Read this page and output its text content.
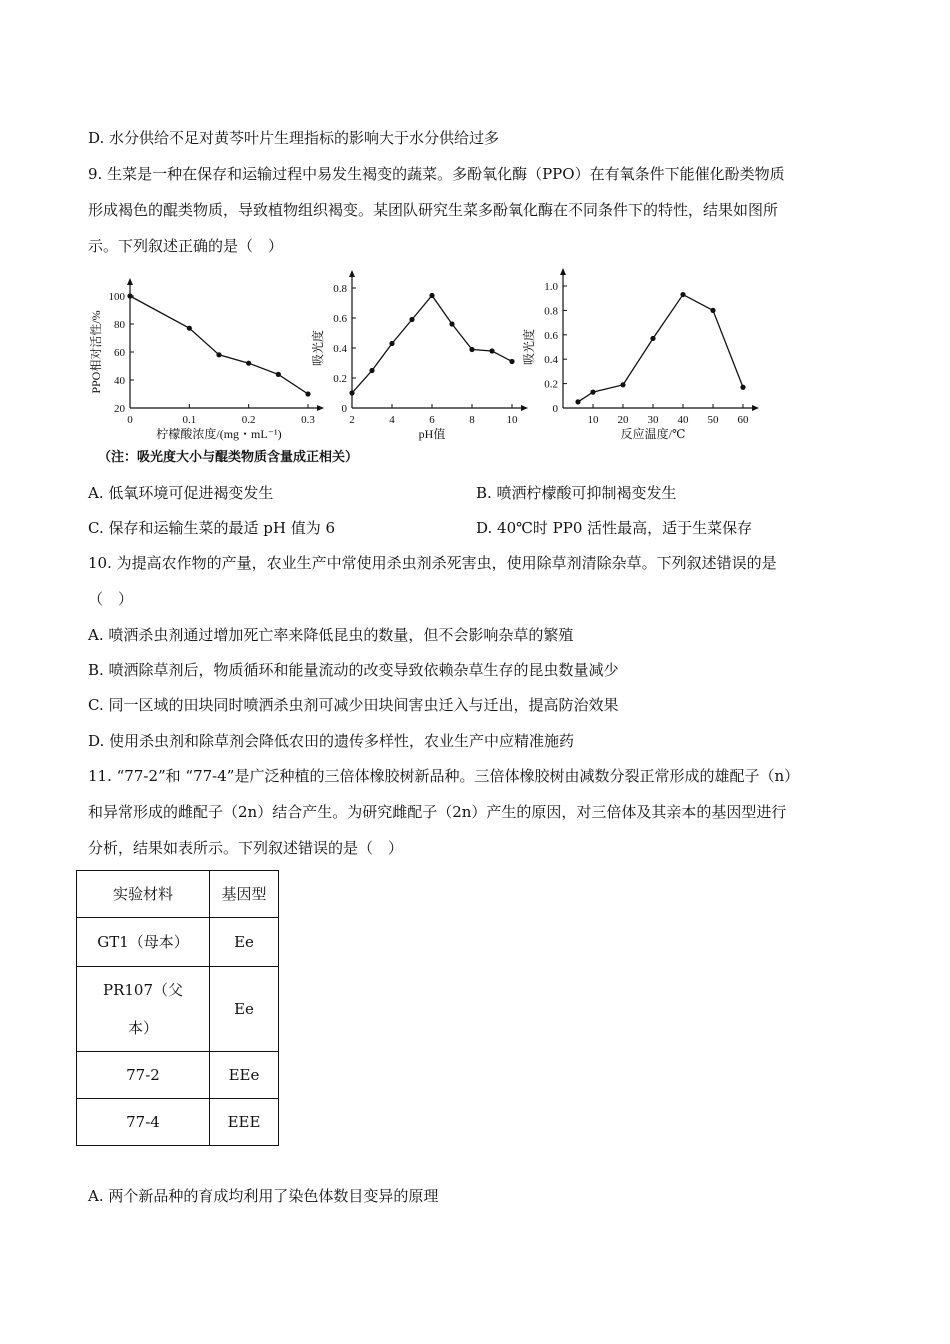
D. 水分供给不足对黄芩叶片生理指标的影响大于水分供给过多
9. 生菜是一种在保存和运输过程中易发生褐变的蔬菜。多酚氧化酶（PPO）在有氧条件下能催化酚类物质
形成褐色的醌类物质，导致植物组织褐变。某团队研究生菜多酚氧化酶在不同条件下的特性，结果如图所
示。下列叙述正确的是（　）
20
40
60
80
100
0	0.1	0.2	0.3
柠檬酸浓度/(mg・mL⁻¹)
PPO相对活性/%
0
0.2
0.4
0.6
0.8
2	4	6	8	10
pH值
吸光度
0
0.2
0.4
0.6
0.8
1.0
10 20 30 40 50 60
反应温度/℃
吸光度
（注：吸光度大小与醌类物质含量成正相关）
A. 低氧环境可促进褐变发生	B. 喷洒柠檬酸可抑制褐变发生
C. 保存和运输生菜的最适 pH 值为 6	D. 40℃时 PP0 活性最高，适于生菜保存
10. 为提高农作物的产量，农业生产中常使用杀虫剂杀死害虫，使用除草剂清除杂草。下列叙述错误的是
（　）
A. 喷洒杀虫剂通过增加死亡率来降低昆虫的数量，但不会影响杂草的繁殖
B. 喷洒除草剂后，物质循环和能量流动的改变导致依赖杂草生存的昆虫数量减少
C. 同一区域的田块同时喷洒杀虫剂可减少田块间害虫迁入与迁出，提高防治效果
D. 使用杀虫剂和除草剂会降低农田的遗传多样性，农业生产中应精准施药
11. “77-2”和 “77-4”是广泛种植的三倍体橡胶树新品种。三倍体橡胶树由减数分裂正常形成的雄配子（n）
和异常形成的雌配子（2n）结合产生。为研究雌配子（2n）产生的原因，对三倍体及其亲本的基因型进行
分析，结果如表所示。下列叙述错误的是（　）
实验材料	基因型
GT1（母本）	Ee
PR107（父
本）	Ee
77-2	EEe
77-4	EEE
A. 两个新品种的育成均利用了染色体数目变异的原理
